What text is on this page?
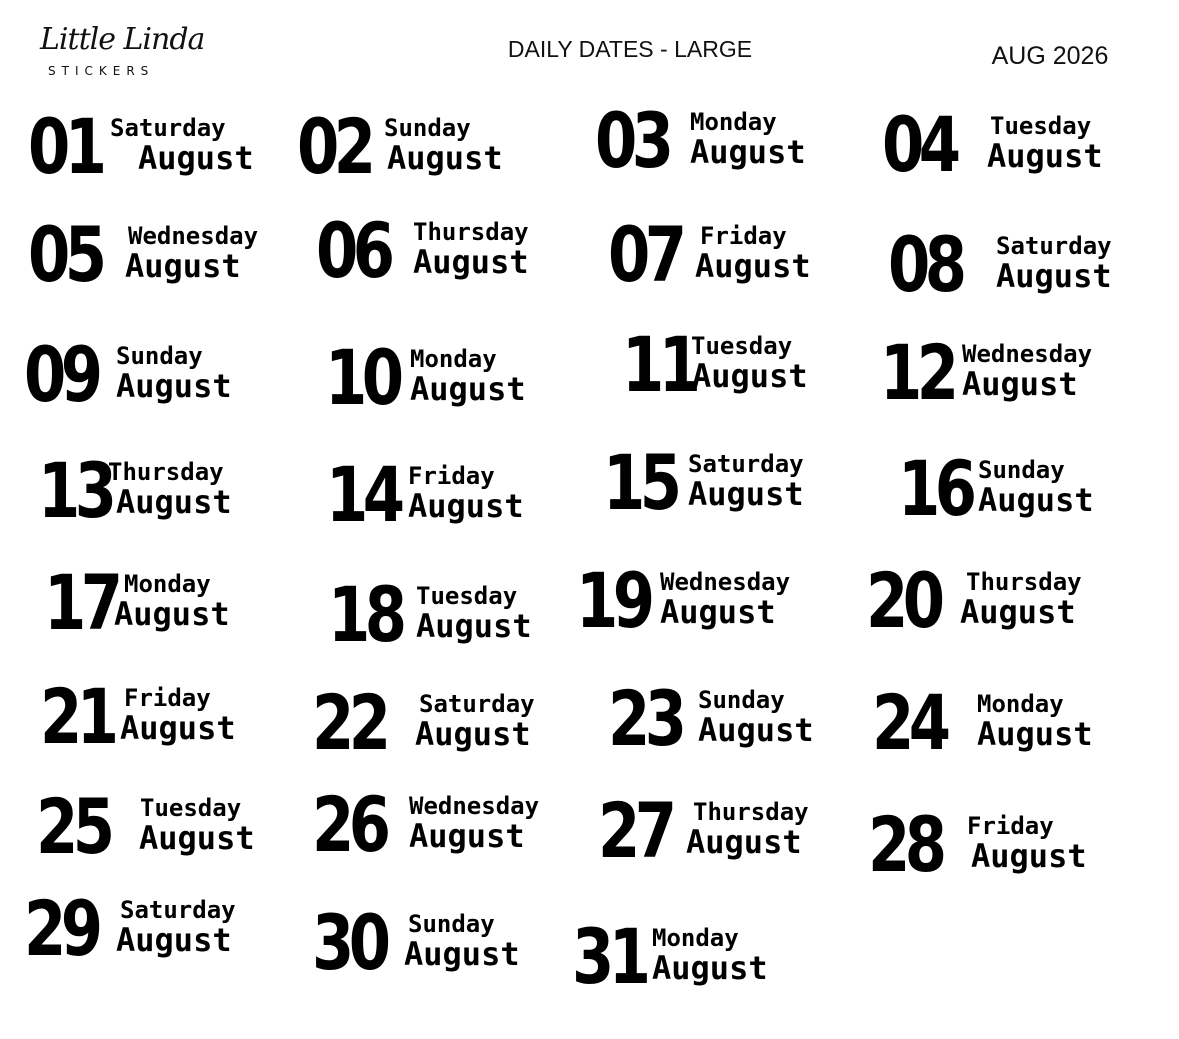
Little Linda
STICKERS
DAILY DATES - LARGE	AUG 2026
01 Saturday
August 02 Sunday
August 03 Monday
August 04 Tuesday
August
05 Wednesday
August 06 Thursday
August 07 Friday
August 08 Saturday
August
09 Sunday
August 10 Monday
August 11
Tuesday
August 12 Wednesday
August
13
Thursday
August 14 Friday
August 15 Saturday
August 16 Sunday
August
17 Monday
August 18 Tuesday
August 19 Wednesday
August 20 Thursday
August
21 Friday
August 22 Saturday
August 23 Sunday
August 24 Monday
August
25 Tuesday
August 26 Wednesday
August 27 Thursday
August 28 Friday
August
29 Saturday
August 30 Sunday
August 31 Monday
August
